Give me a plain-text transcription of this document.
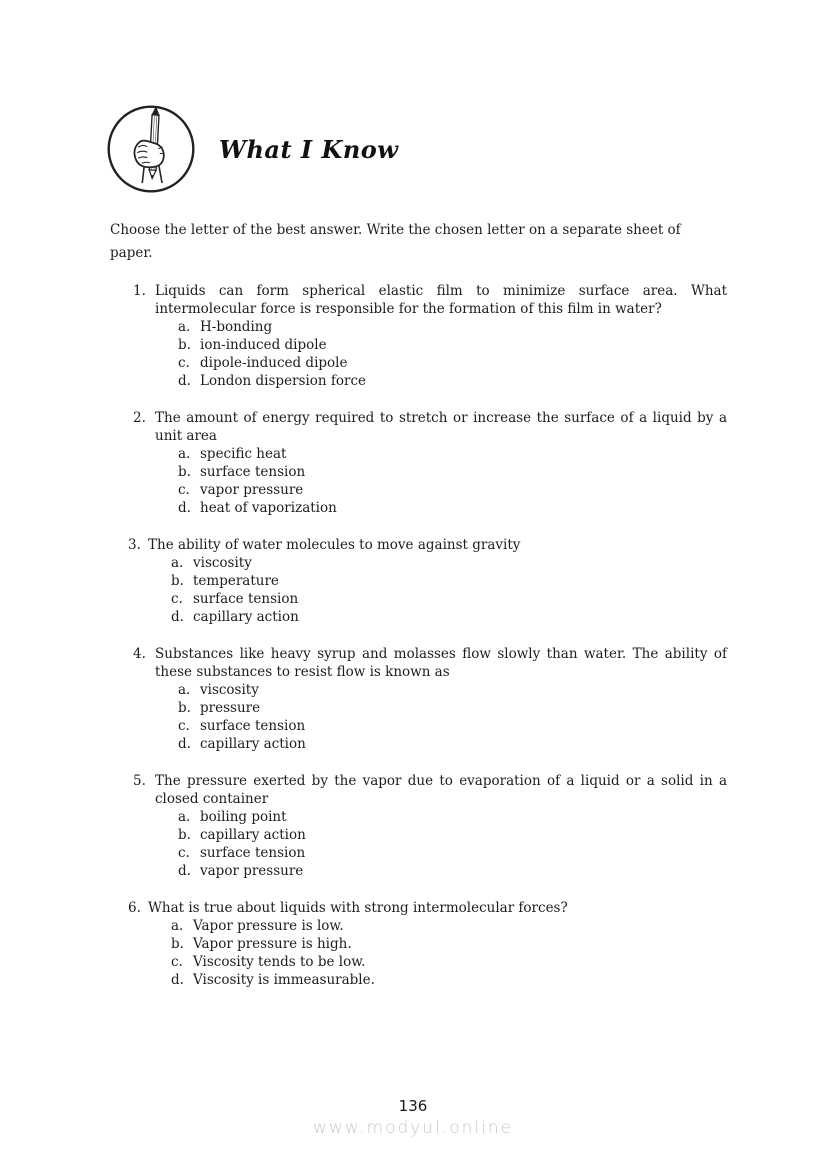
What I Know

Choose the letter of the best answer. Write the chosen letter on a separate sheet of paper.

1. Liquids can form spherical elastic film to minimize surface area. What intermolecular force is responsible for the formation of this film in water?

a. H-bonding
b. ion-induced dipole
c. dipole-induced dipole
d. London dispersion force
2. The amount of energy required to stretch or increase the surface of a liquid by a unit area

a. specific heat
b. surface tension
c. vapor pressure
d. heat of vaporization
3. The ability of water molecules to move against gravity

a. viscosity
b. temperature
c. surface tension
d. capillary action
4. Substances like heavy syrup and molasses flow slowly than water. The ability of these substances to resist flow is known as

a. viscosity
b. pressure
c. surface tension
d. capillary action
5. The pressure exerted by the vapor due to evaporation of a liquid or a solid in a closed container

a. boiling point
b. capillary action
c. surface tension
d. vapor pressure
6. What is true about liquids with strong intermolecular forces?

a. Vapor pressure is low.
b. Vapor pressure is high.
c. Viscosity tends to be low.
d. Viscosity is immeasurable.
136
www.modyul.online
